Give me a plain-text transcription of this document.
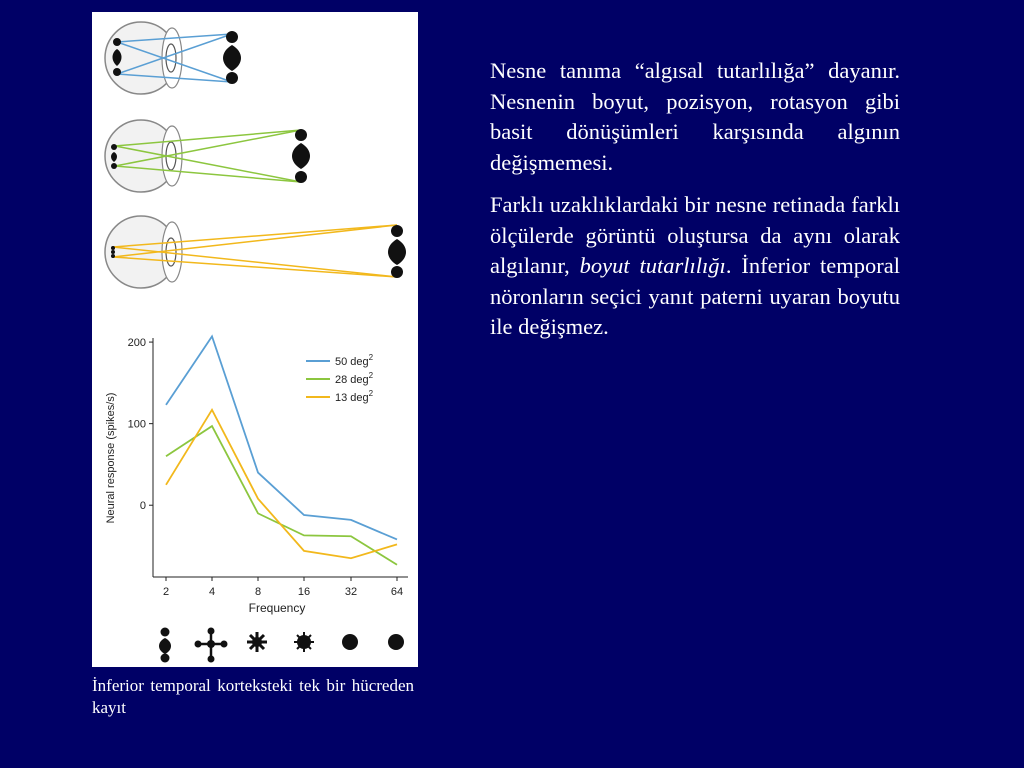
Neural response (spikes/s)
Frequency
0
100
200
2	4	8	16	32	64
50 deg$^2$
28 deg$^2$
13 deg$^2$
İnferior temporal korteksteki tek bir hücreden kayıt

Nesne tanıma “algısal tutarlılığa” dayanır. Nesnenin boyut, pozisyon, rotasyon gibi basit dönüşümleri karşısında algının değişmemesi.

Farklı uzaklıklardaki bir nesne retinada farklı ölçülerde görüntü oluştursa da aynı olarak algılanır, boyut tutarlılığı. İnferior temporal nöronların seçici yanıt paterni uyaran boyutu ile değişmez.
